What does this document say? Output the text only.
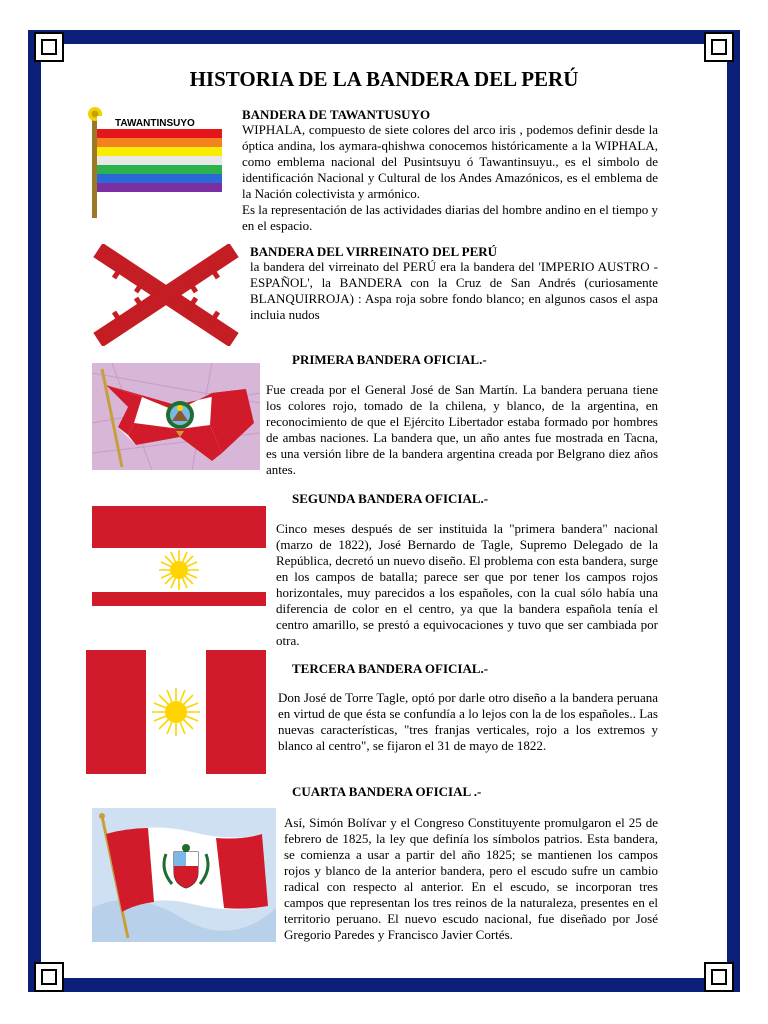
HISTORIA DE LA BANDERA DEL PERÚ
TAWANTINSUYO
BANDERA DE TAWANTUSUYO

WIPHALA, compuesto de siete colores del arco iris , podemos definir desde la óptica andina, los aymara-qhishwa conocemos históricamente a la WIPHALA, como emblema nacional del Pusintsuyu ó Tawantinsuyu., es el simbolo de identificación Nacional y Cultural de los Andes Amazónicos, es el emblema de la Nación colectivista y armónico.

Es la representación de las actividades diarias del hombre andino en el tiempo y en el espacio.

BANDERA DEL VIRREINATO DEL PERÚ

la bandera del virreinato del PERÚ era la bandera del 'IMPERIO AUSTRO - ESPAÑOL', la BANDERA con la Cruz de San Andrés (curiosamente BLANQUIRROJA) : Aspa roja sobre fondo blanco; en algunos casos el aspa incluia nudos

PRIMERA BANDERA OFICIAL.-

Fue creada por el General José de San Martín. La bandera peruana tiene los colores rojo, tomado de la chilena, y blanco, de la argentina, en reconocimiento de que el Ejército Libertador estaba formado por hombres de ambas naciones. La bandera que, un año antes fue mostrada en Tacna, es una versión libre de la bandera argentina creada por Belgrano diez años antes.

SEGUNDA BANDERA OFICIAL.-

Cinco meses después de ser instituida la "primera bandera" nacional (marzo de 1822), José Bernardo de Tagle, Supremo Delegado de la República, decretó un nuevo diseño. El problema con esta bandera, surge en los campos de batalla; parece ser que por tener los campos rojos horizontales, muy parecidos a los españoles, con la cual sólo había una diferencia de color en el centro, ya que la bandera española tenía el centro amarillo, se prestó a equivocaciones y tuvo que ser cambiada por otra.

TERCERA BANDERA OFICIAL.-

Don José de Torre Tagle, optó por darle otro diseño a la bandera peruana en virtud de que ésta se confundía a lo lejos con la de los españoles.. Las nuevas características, "tres franjas verticales, rojo a los extremos y blanco al centro", se fijaron el 31 de mayo de 1822.

CUARTA BANDERA OFICIAL .-

Así, Simón Bolívar y el Congreso Constituyente promulgaron el 25 de febrero de 1825, la ley que definía los símbolos patrios. Esta bandera, se comienza a usar a partir del año 1825; se mantienen los campos rojos y blanco de la anterior bandera, pero el escudo sufre un cambio radical con respecto al anterior. En el escudo, se incorporan tres campos que representan los tres reinos de la naturaleza, presentes en el territorio peruano. El nuevo escudo nacional, fue diseñado por José Gregorio Paredes y Francisco Javier Cortés.
